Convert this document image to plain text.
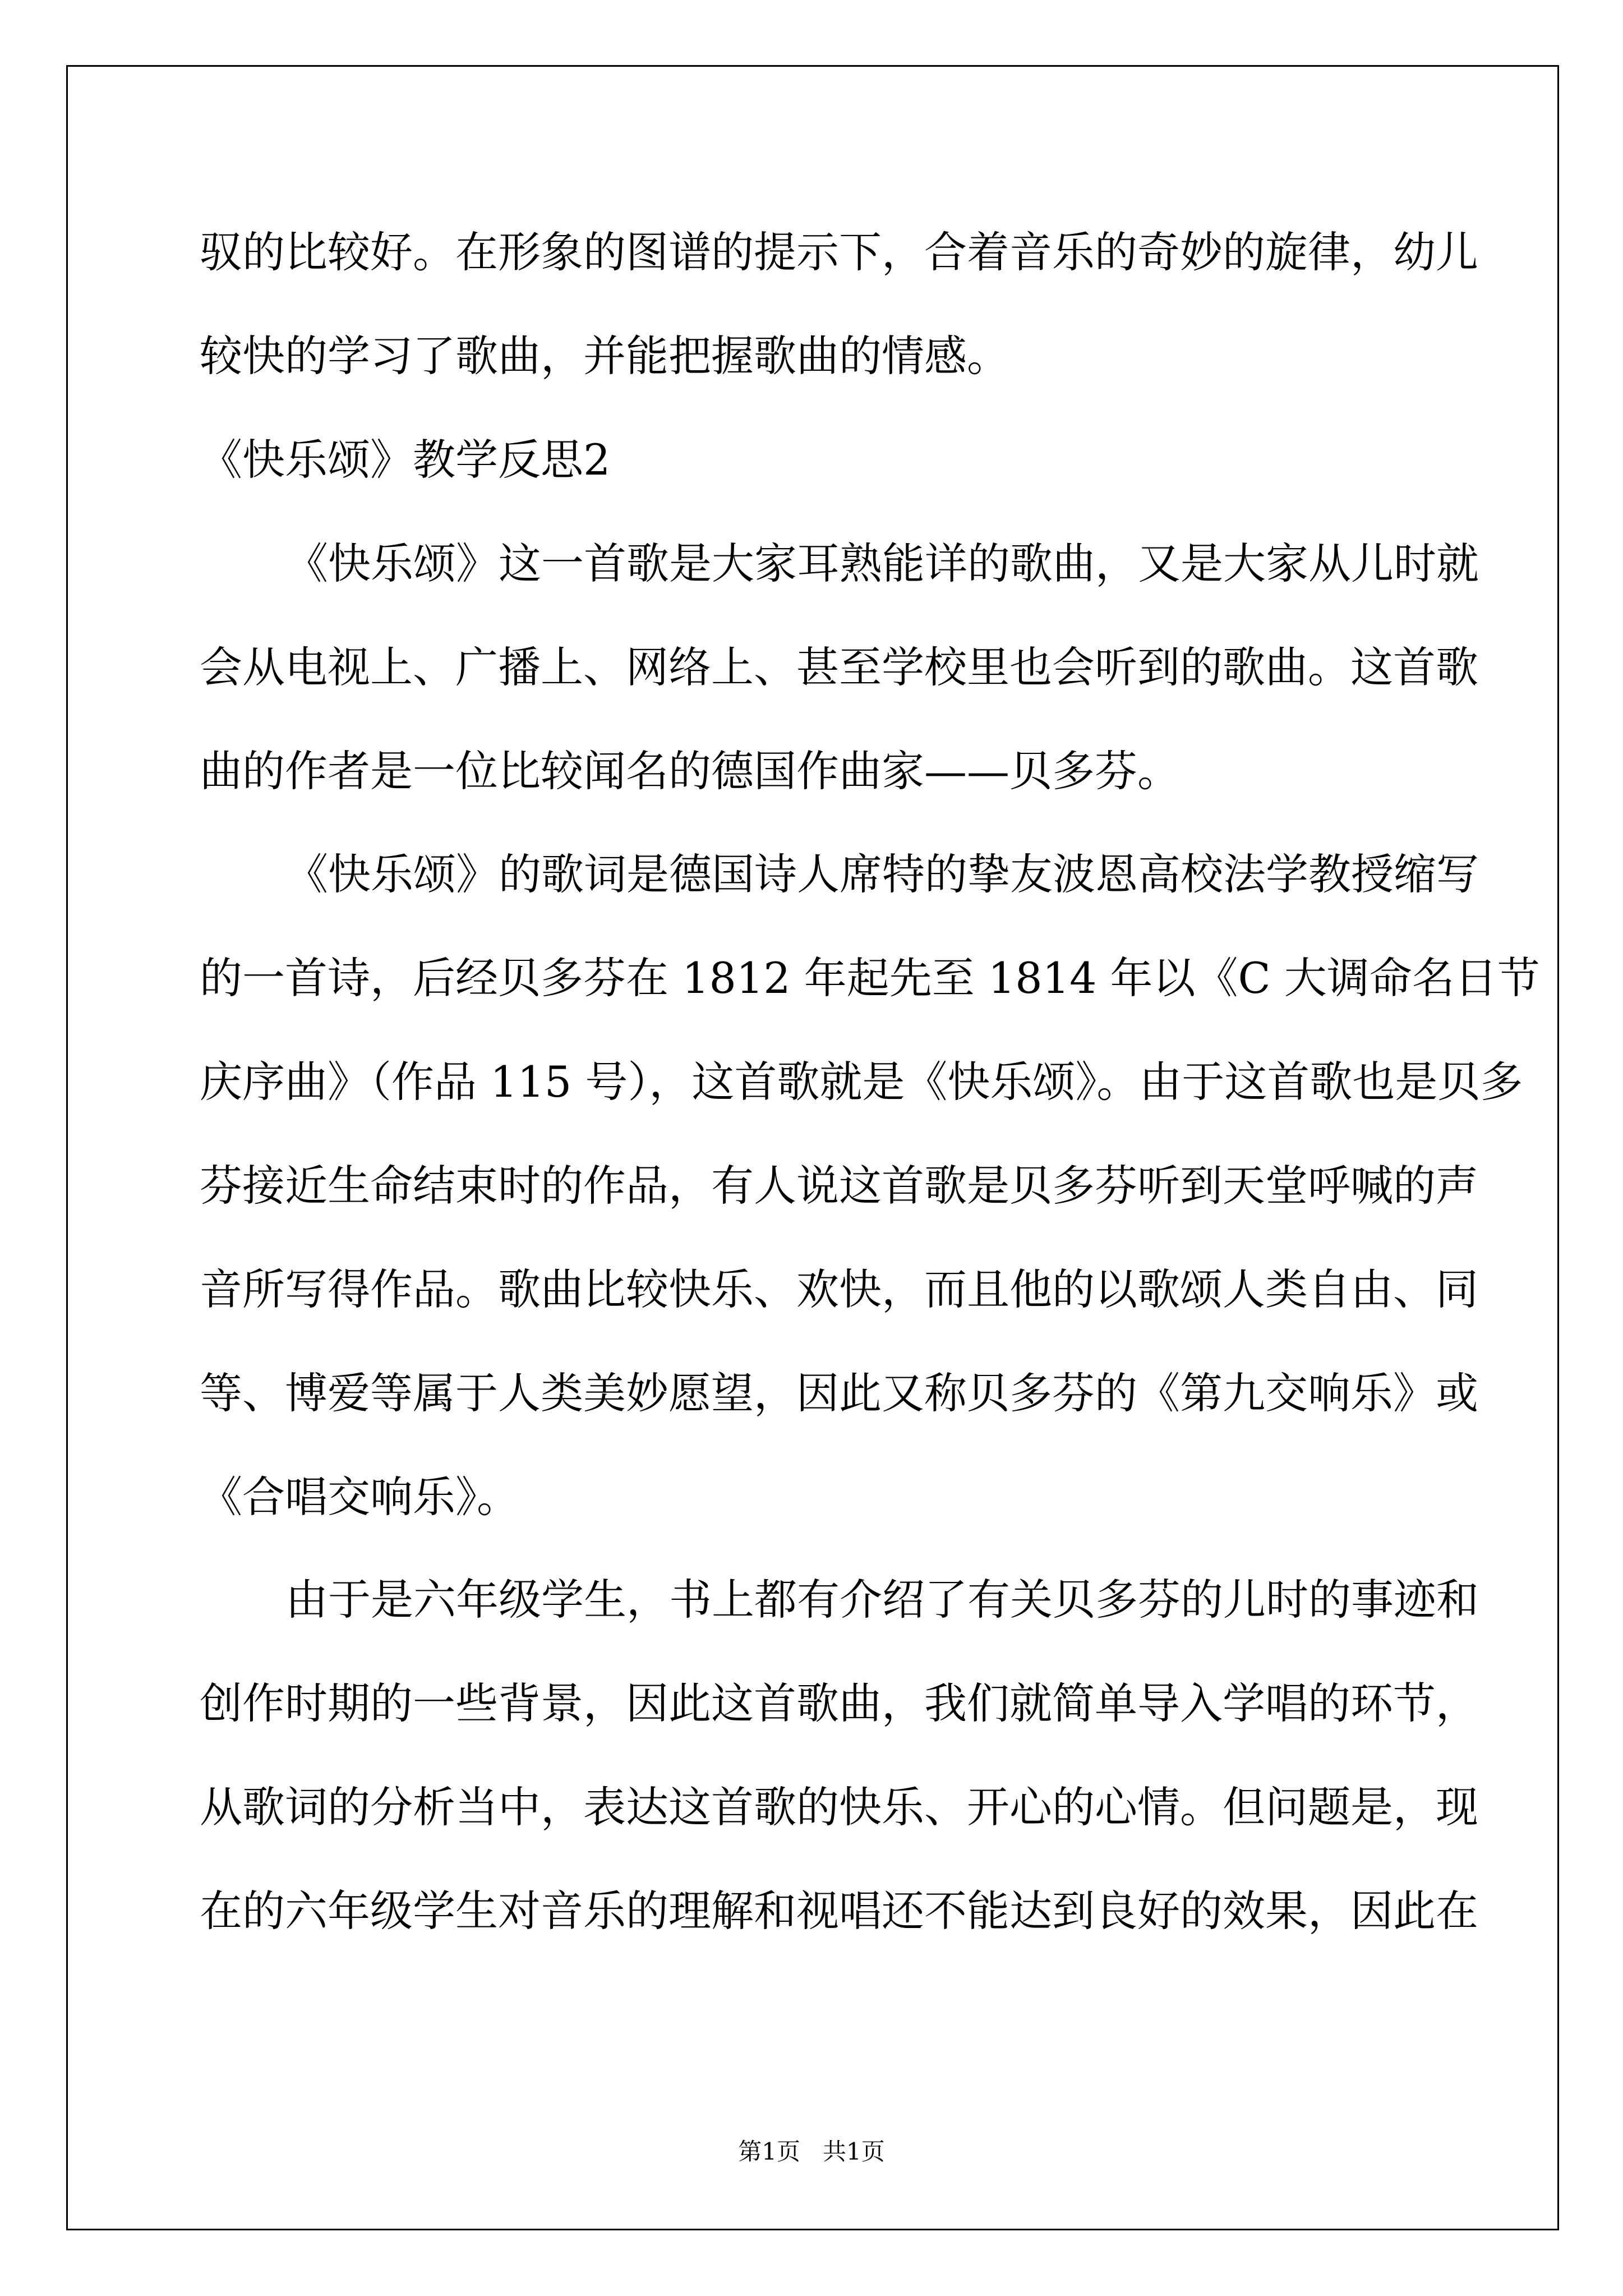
驭的比较好。在形象的图谱的提示下，合着音乐的奇妙的旋律，幼儿
较快的学习了歌曲，并能把握歌曲的情感。
《快乐颂》教学反思2
《快乐颂》这一首歌是大家耳熟能详的歌曲，又是大家从儿时就
会从电视上、广播上、网络上、甚至学校里也会听到的歌曲。这首歌
曲的作者是一位比较闻名的德国作曲家——贝多芬。
《快乐颂》的歌词是德国诗人席特的挚友波恩高校法学教授缩写
的一首诗，后经贝多芬在 1812 年起先至 1814 年以《C 大调命名日节
庆序曲》（作品 115 号），这首歌就是《快乐颂》。由于这首歌也是贝多
芬接近生命结束时的作品，有人说这首歌是贝多芬听到天堂呼喊的声
音所写得作品。歌曲比较快乐、欢快，而且他的以歌颂人类自由、同
等、博爱等属于人类美妙愿望，因此又称贝多芬的《第九交响乐》或
《合唱交响乐》。
由于是六年级学生，书上都有介绍了有关贝多芬的儿时的事迹和
创作时期的一些背景，因此这首歌曲，我们就简单导入学唱的环节，
从歌词的分析当中，表达这首歌的快乐、开心的心情。但问题是，现
在的六年级学生对音乐的理解和视唱还不能达到良好的效果，因此在
第1页   共1页
